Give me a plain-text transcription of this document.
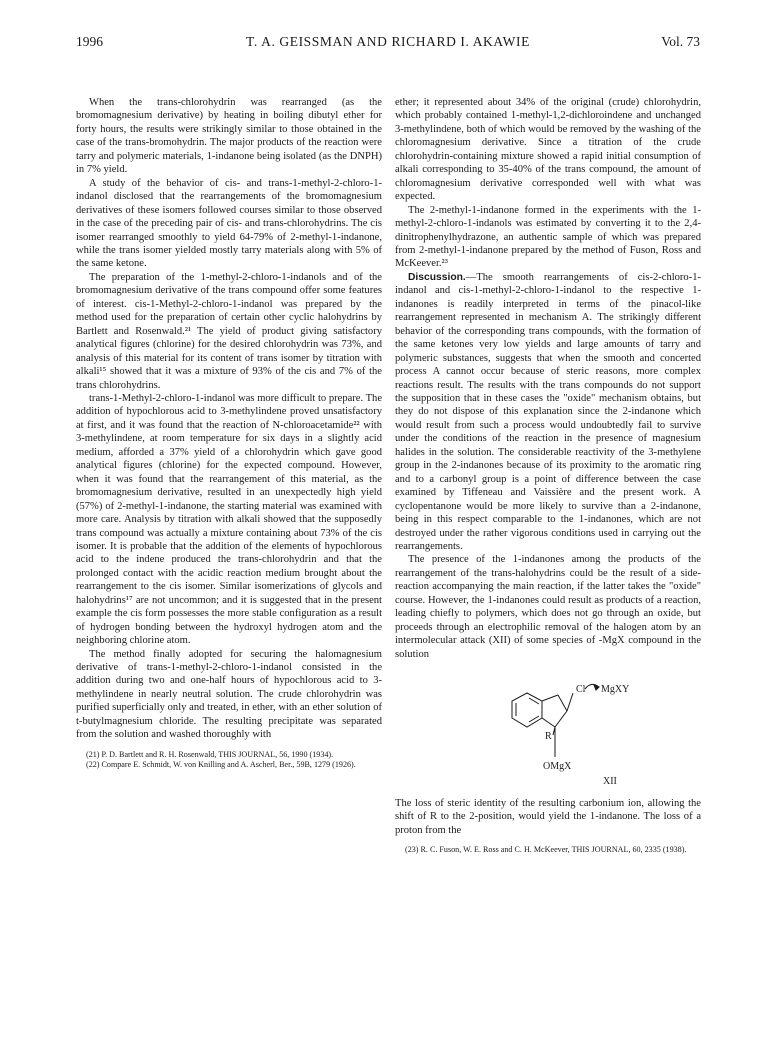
1996	T. A. GEISSMAN AND RICHARD I. AKAWIE	Vol. 73

When the trans-chlorohydrin was rearranged (as the bromomagnesium derivative) by heating in boiling dibutyl ether for forty hours, the results were strikingly similar to those obtained in the case of the trans-bromohydrin. The major products of the reaction were tarry and polymeric materials, 1-indanone being isolated (as the DNPH) in 7% yield.

A study of the behavior of cis- and trans-1-methyl-2-chloro-1-indanol disclosed that the rearrangements of the bromomagnesium derivatives of these isomers followed courses similar to those observed in the case of the preceding pair of cis- and trans-chlorohydrins. The cis isomer rearranged smoothly to yield 64-79% of 2-methyl-1-indanone, while the trans isomer yielded mostly tarry materials along with 5% of the same ketone.

The preparation of the 1-methyl-2-chloro-1-indanols and of the bromomagnesium derivative of the trans compound offer some features of interest. cis-1-Methyl-2-chloro-1-indanol was prepared by the method used for the preparation of certain other cyclic halohydrins by Bartlett and Rosenwald.²¹ The yield of product giving satisfactory analytical figures (chlorine) for the desired chlorohydrin was 73%, and analysis of this material for its content of trans isomer by titration with alkali¹⁵ showed that it was a mixture of 93% of the cis and 7% of the trans chlorohydrins.

trans-1-Methyl-2-chloro-1-indanol was more difficult to prepare. The addition of hypochlorous acid to 3-methylindene proved unsatisfactory at first, and it was found that the reaction of N-chloroacetamide²² with 3-methylindene, at room temperature for six days in a slightly acid medium, afforded a 37% yield of a chlorohydrin which gave good analytical figures (chlorine) for the expected compound. However, when it was found that the rearrangement of this material, as the bromomagnesium derivative, resulted in an unexpectedly high yield (57%) of 2-methyl-1-indanone, the starting material was examined with more care. Analysis by titration with alkali showed that the supposedly trans compound was actually a mixture containing about 73% of the cis isomer. It is probable that the addition of the elements of hypochlorous acid to the indene produced the trans-chlorohydrin and that the prolonged contact with the acidic reaction medium brought about the rearrangement to the cis isomer. Similar isomerizations of glycols and halohydrins¹⁷ are not uncommon; and it is suggested that in the present example the cis form possesses the more stable configuration as a result of hydrogen bonding between the hydroxyl hydrogen atom and the neighboring chlorine atom.

The method finally adopted for securing the halomagnesium derivative of trans-1-methyl-2-chloro-1-indanol consisted in the addition during two and one-half hours of hypochlorous acid to 3-methylindene in nearly neutral solution. The crude chlorohydrin was purified superficially only and treated, in ether, with an ether solution of t-butylmagnesium chloride. The resulting precipitate was separated from the solution and washed thoroughly with

(21) P. D. Bartlett and R. H. Rosenwald, THIS JOURNAL, 56, 1990 (1934).
(22) Compare E. Schmidt, W. von Knilling and A. Ascherl, Ber., 59B, 1279 (1926).

ether; it represented about 34% of the original (crude) chlorohydrin, which probably contained 1-methyl-1,2-dichloroindene and unchanged 3-methylindene, both of which would be removed by the washing of the chloromagnesium derivative. Since a titration of the crude chlorohydrin-containing mixture showed a rapid initial consumption of alkali corresponding to 35-40% of the trans compound, the amount of chloromagnesium derivative corresponded well with what was expected.

The 2-methyl-1-indanone formed in the experiments with the 1-methyl-2-chloro-1-indanols was estimated by converting it to the 2,4-dinitrophenylhydrazone, an authentic sample of which was prepared from 2-methyl-1-indanone prepared by the method of Fuson, Ross and McKeever.²³

Discussion.—The smooth rearrangements of cis-2-chloro-1-indanol and cis-1-methyl-2-chloro-1-indanol to the respective 1-indanones is readily interpreted in terms of the pinacol-like rearrangement represented in mechanism A. The strikingly different behavior of the corresponding trans compounds, with the formation of the same ketones very low yields and large amounts of tarry and polymeric substances, suggests that when the smooth and concerted process A cannot occur because of steric reasons, more complex reactions result. The results with the trans compounds do not support the supposition that in these cases the "oxide" mechanism obtains, but they do not dispose of this explanation since the 2-indanone which would result from such a process would undoubtedly fail to survive under the conditions of the reaction in the presence of magnesium halides in the solution. The considerable reactivity of the 3-methylene group in the 2-indanones because of its proximity to the aromatic ring and to a carbonyl group is a point of difference between the case examined by Tiffeneau and Vaissière and the present work. A cyclopentanone would be more likely to survive than a 2-indanone, being in this respect comparable to the 1-indanones, which are not destroyed under the rather vigorous conditions used in carrying out the rearrangements.

The presence of the 1-indanones among the products of the rearrangement of the trans-halohydrins could be the result of a side-reaction accompanying the main reaction, if the latter takes the "oxide" course. However, the 1-indanones could result as products of a reaction, leading chiefly to polymers, which does not go through an oxide, but proceeds through an electrophilic removal of the halogen atom by an intermolecular attack (XII) of some species of -MgX compound in the solution

Cl MgXY
R
OMgX
XII

The loss of steric identity of the resulting carbonium ion, allowing the shift of R to the 2-position, would yield the 1-indanone. The loss of a proton from the

(23) R. C. Fuson, W. E. Ross and C. H. McKeever, THIS JOURNAL, 60, 2335 (1938).
